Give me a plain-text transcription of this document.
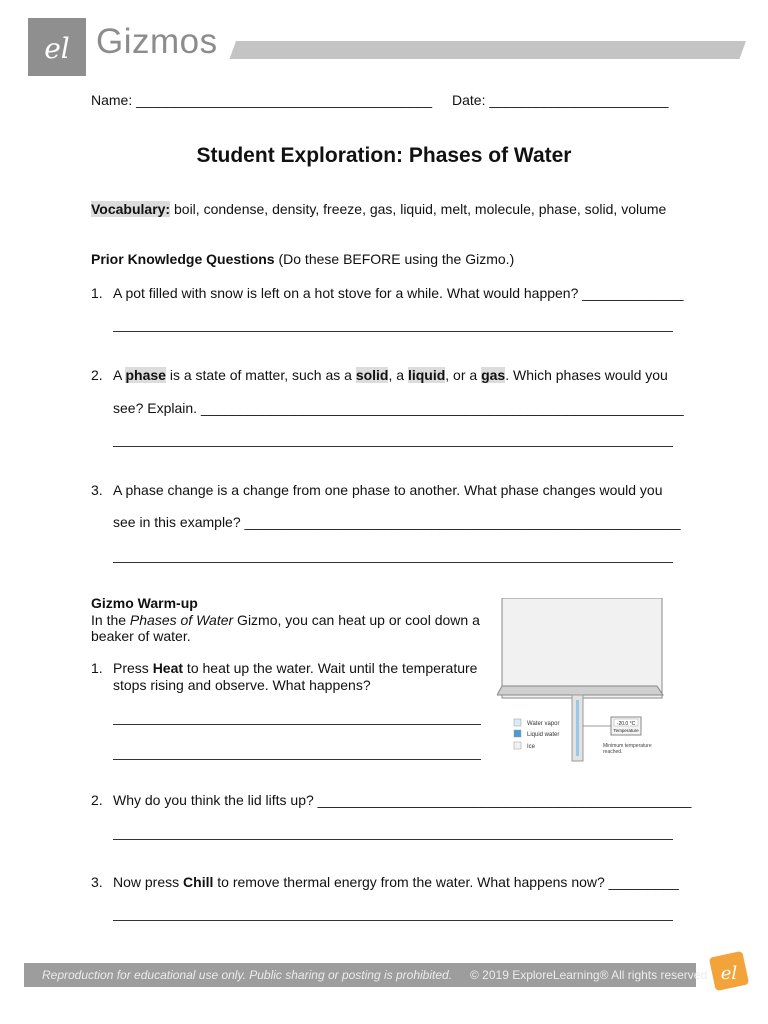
el Gizmos
Name: ______________________________________ Date: _______________________
Student Exploration: Phases of Water
Vocabulary: boil, condense, density, freeze, gas, liquid, melt, molecule, phase, solid, volume
Prior Knowledge Questions (Do these BEFORE using the Gizmo.)
1. A pot filled with snow is left on a hot stove for a while. What would happen? _____________
2. A phase is a state of matter, such as a solid, a liquid, or a gas. Which phases would you
see? Explain. ______________________________________________________________
3. A phase change is a change from one phase to another. What phase changes would you
see in this example? ________________________________________________________
Gizmo Warm-up
In the Phases of Water Gizmo, you can heat up or cool down a
beaker of water.
1. Press Heat to heat up the water. Wait until the temperature
stops rising and observe. What happens?
Water vapor
Liquid water
Ice
-20.0 °C
Temperature
Minimum temperature
reached.
2. Why do you think the lid lifts up? ________________________________________________
3. Now press Chill to remove thermal energy from the water. What happens now? _________
Reproduction for educational use only. Public sharing or posting is prohibited. © 2019 ExploreLearning® All rights reserved el
